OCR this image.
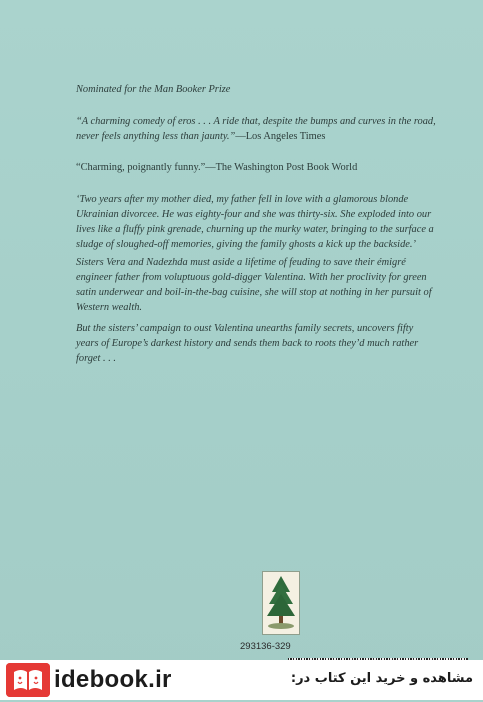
Nominated for the Man Booker Prize

“A charming comedy of eros . . . A ride that, despite the bumps and curves in the road, never feels anything less than jaunty.”—Los Angeles Times

“Charming, poignantly funny.”—The Washington Post Book World

‘Two years after my mother died, my father fell in love with a glamorous blonde Ukrainian divorcee. He was eighty-four and she was thirty-six. She exploded into our lives like a fluffy pink grenade, churning up the murky water, bringing to the surface a sludge of sloughed-off memories, giving the family ghosts a kick up the backside.’

Sisters Vera and Nadezhda must aside a lifetime of feuding to save their émigré engineer father from voluptuous gold-digger Valentina. With her proclivity for green satin underwear and boil-in-the-bag cuisine, she will stop at nothing in her pursuit of Western wealth.

But the sisters’ campaign to oust Valentina unearths family secrets, uncovers fifty years of Europe’s darkest history and sends them back to roots they’d much rather forget . . .

293136-329
idebook.ir	مشاهده و خرید این کتاب در:
